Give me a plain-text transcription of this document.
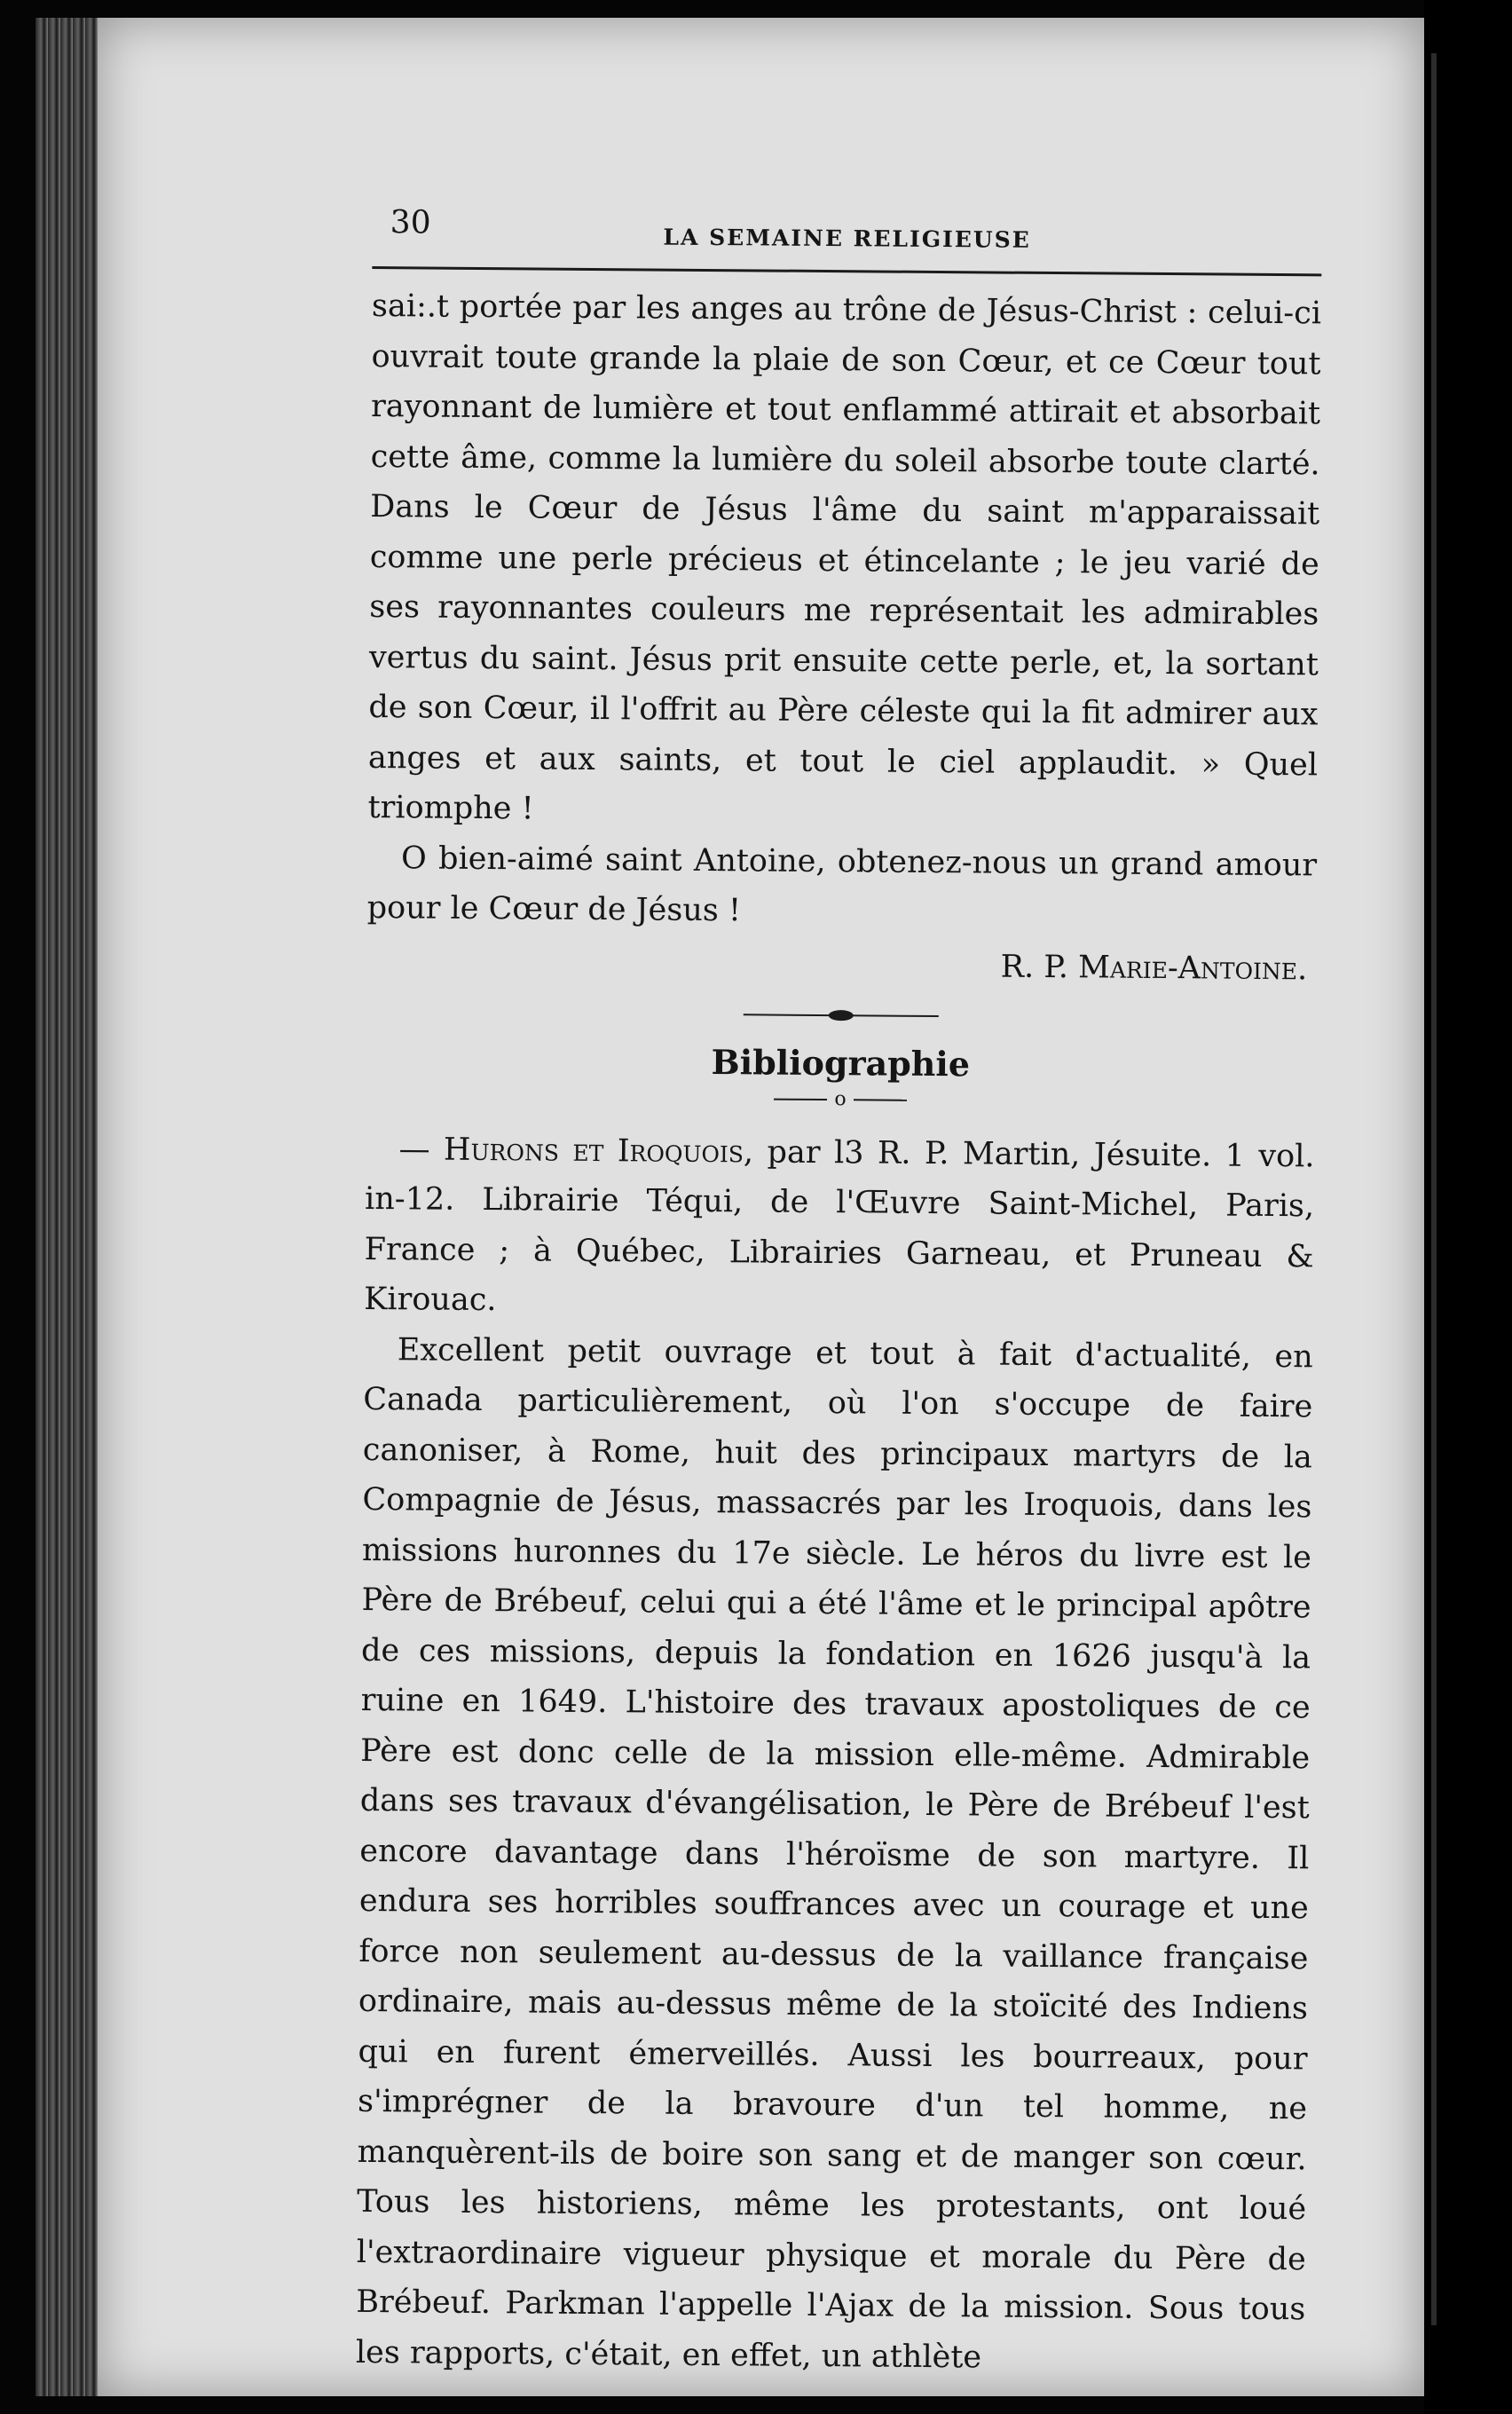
30	LA SEMAINE RELIGIEUSE

sai:.t portée par les anges au trône de Jésus-Christ : celui-ci ouvrait toute grande la plaie de son Cœur, et ce Cœur tout rayonnant de lumière et tout enflammé attirait et absorbait cette âme, comme la lumière du soleil absorbe toute clarté. Dans le Cœur de Jésus l'âme du saint m'apparaissait comme une perle précieus et étincelante ; le jeu varié de ses rayonnantes couleurs me représentait les admirables vertus du saint. Jésus prit ensuite cette perle, et, la sortant de son Cœur, il l'offrit au Père céleste qui la fit admirer aux anges et aux saints, et tout le ciel applaudit. » Quel triomphe !

O bien-aimé saint Antoine, obtenez-nous un grand amour pour le Cœur de Jésus !

R. P. Marie-Antoine.
Bibliographie
o

— Hurons et Iroquois, par l3 R. P. Martin, Jésuite. 1 vol. in-12. Librairie Téqui, de l'Œuvre Saint-Michel, Paris, France ; à Québec, Librairies Garneau, et Pruneau & Kirouac.

Excellent petit ouvrage et tout à fait d'actualité, en Canada particulièrement, où l'on s'occupe de faire canoniser, à Rome, huit des principaux martyrs de la Compagnie de Jésus, massacrés par les Iroquois, dans les missions huronnes du 17e siècle. Le héros du livre est le Père de Brébeuf, celui qui a été l'âme et le principal apôtre de ces missions, depuis la fondation en 1626 jusqu'à la ruine en 1649. L'histoire des travaux apostoliques de ce Père est donc celle de la mission elle-même. Admirable dans ses travaux d'évangélisation, le Père de Brébeuf l'est encore davantage dans l'héroïsme de son martyre. Il endura ses horribles souffrances avec un courage et une force non seulement au-dessus de la vaillance française ordinaire, mais au-dessus même de la stoïcité des Indiens qui en furent émerveillés. Aussi les bourreaux, pour s'imprégner de la bravoure d'un tel homme, ne manquèrent-ils de boire son sang et de manger son cœur. Tous les historiens, même les protestants, ont loué l'extraordinaire vigueur physique et morale du Père de Brébeuf. Parkman l'appelle l'Ajax de la mission. Sous tous les rapports, c'était, en effet, un athlète
